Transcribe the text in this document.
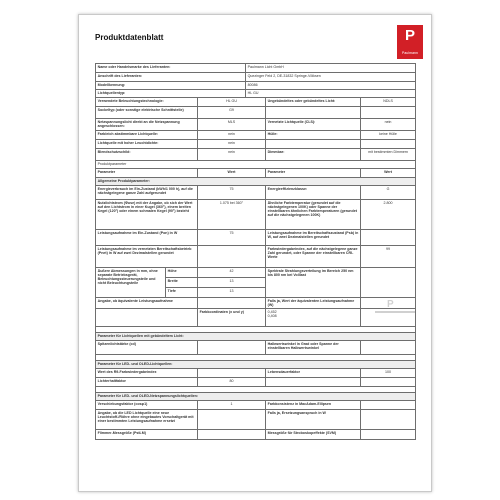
Produktdatenblatt	P
Paulmann
Name oder Handelsmarke des Lieferanten:			Paulmann Licht GmbH		
Anschrift des Lieferanten:			Quezinger Feld 2, DE-31832 Springe-Völksen		
Modellkennung:			80086		
Lichtquellentyp:			HL GU		
Verwendete Beleuchtungstechnologie:		HL GU		Ungebündeltes oder gebündeltes Licht:	NDLS
Sockeltyp (oder sonstige elektrische Schnittstelle)		G9			
Netzspannungslicht direkt an die Netzspannung angeschlossen:		MLS		Vernetzte Lichtquelle (CLS):	nein
Farbleich abstimmbare Lichtquelle:		nein		Hülle:	keine Hülle
Lichtquelle mit hoher Leuchtdichte:		nein			
Blendschutzschild:		nein		Dimmbar:	mit bestimmten Dimmern
Produktparameter					
Parameter		Wert		Parameter	Wert
Allgemeine Produktparameter:					
Energieverbrauch im Ein-Zustand (kWh/1 000 h), auf die nächstgelegene ganze Zahl aufgerundet		75		Energieeffizienzklasse:	G
Nutzlichtstrom (Φuse) mit der Angabe, ob sich der Wert auf den Lichtstrom in einer Kugel (360°), einem breiten Kegel (120°) oder einem schmalen Kegel (90°) bezieht		1.075 bei 360°		Ähnliche Farbtemperatur (gerundet auf die nächstgelegenen 100K) oder Spanne der einstellbaren ähnlichen Farbtemperaturen (gerundet auf die nächstgelegenen 100K)	2.800
Leistungsaufnahme im Ein-Zustand (Pon) in W		75		Leistungsaufnahme im Bereitschaftszustand (Psb) in W, auf zwei Dezimalstellen gerundet	
Leistungsaufnahme im vernetzten Bereitschaftsbetrieb (Pnet) in W auf zwei Dezimalstellen gerundet				Farbwiedergabeindex, auf die nächstgelegene ganze Zahl gerundet, oder Spanne der einstellbaren CRI-Werte	99
Äußere Abmessungen in mm, ohne separate Betriebsgerät, Beleuchtungssteuerungsteile und nicht Beleuchtungsteile	Höhe	42		Spektrale Strahlungsverteilung im Bereich 250 nm bis 800 nm bei Volllast	
	Breite	13			
	Tiefe	13			
Angabe, ob äquivalente Leistungsaufnahme				Falls ja, Wert der äquivalenten Leistungsaufnahme (W)	
		Farbkoordinaten (x und y)		0,452
0,408	

Parameter für Lichtquellen mit gebündeltem Licht:					
Spitzenlichtstärke (cd)				Halbwertswinkel in Grad oder Spanne der einstellbaren Halbwertswinkel	

Parameter für LED- und OLED-Lichtquellen:					
Wert des R9-Farbwiedergabeindex				Lebensdauerfaktor	100
Lichterhaltfaktor		80			

Parameter für LED- und OLED-Netzspannungslichtquellen:					
Verschiebungsfaktor (cosφ1)		1		Farbkonsistenz in MacAdam-Ellipsen	
Angabe, ob die LED Lichtquelle eine neue Leuchtstoff-/Röhre ohne eingebautes Vorschaltgerät mit einer bestimmten Leistungsaufnahme ersetzt				Falls ja, Ersetzungsanspruch in W	
Flimmer-Messgröße (PstLM)				Messgröße für Stroboskopeffekte (SVM)	
P
